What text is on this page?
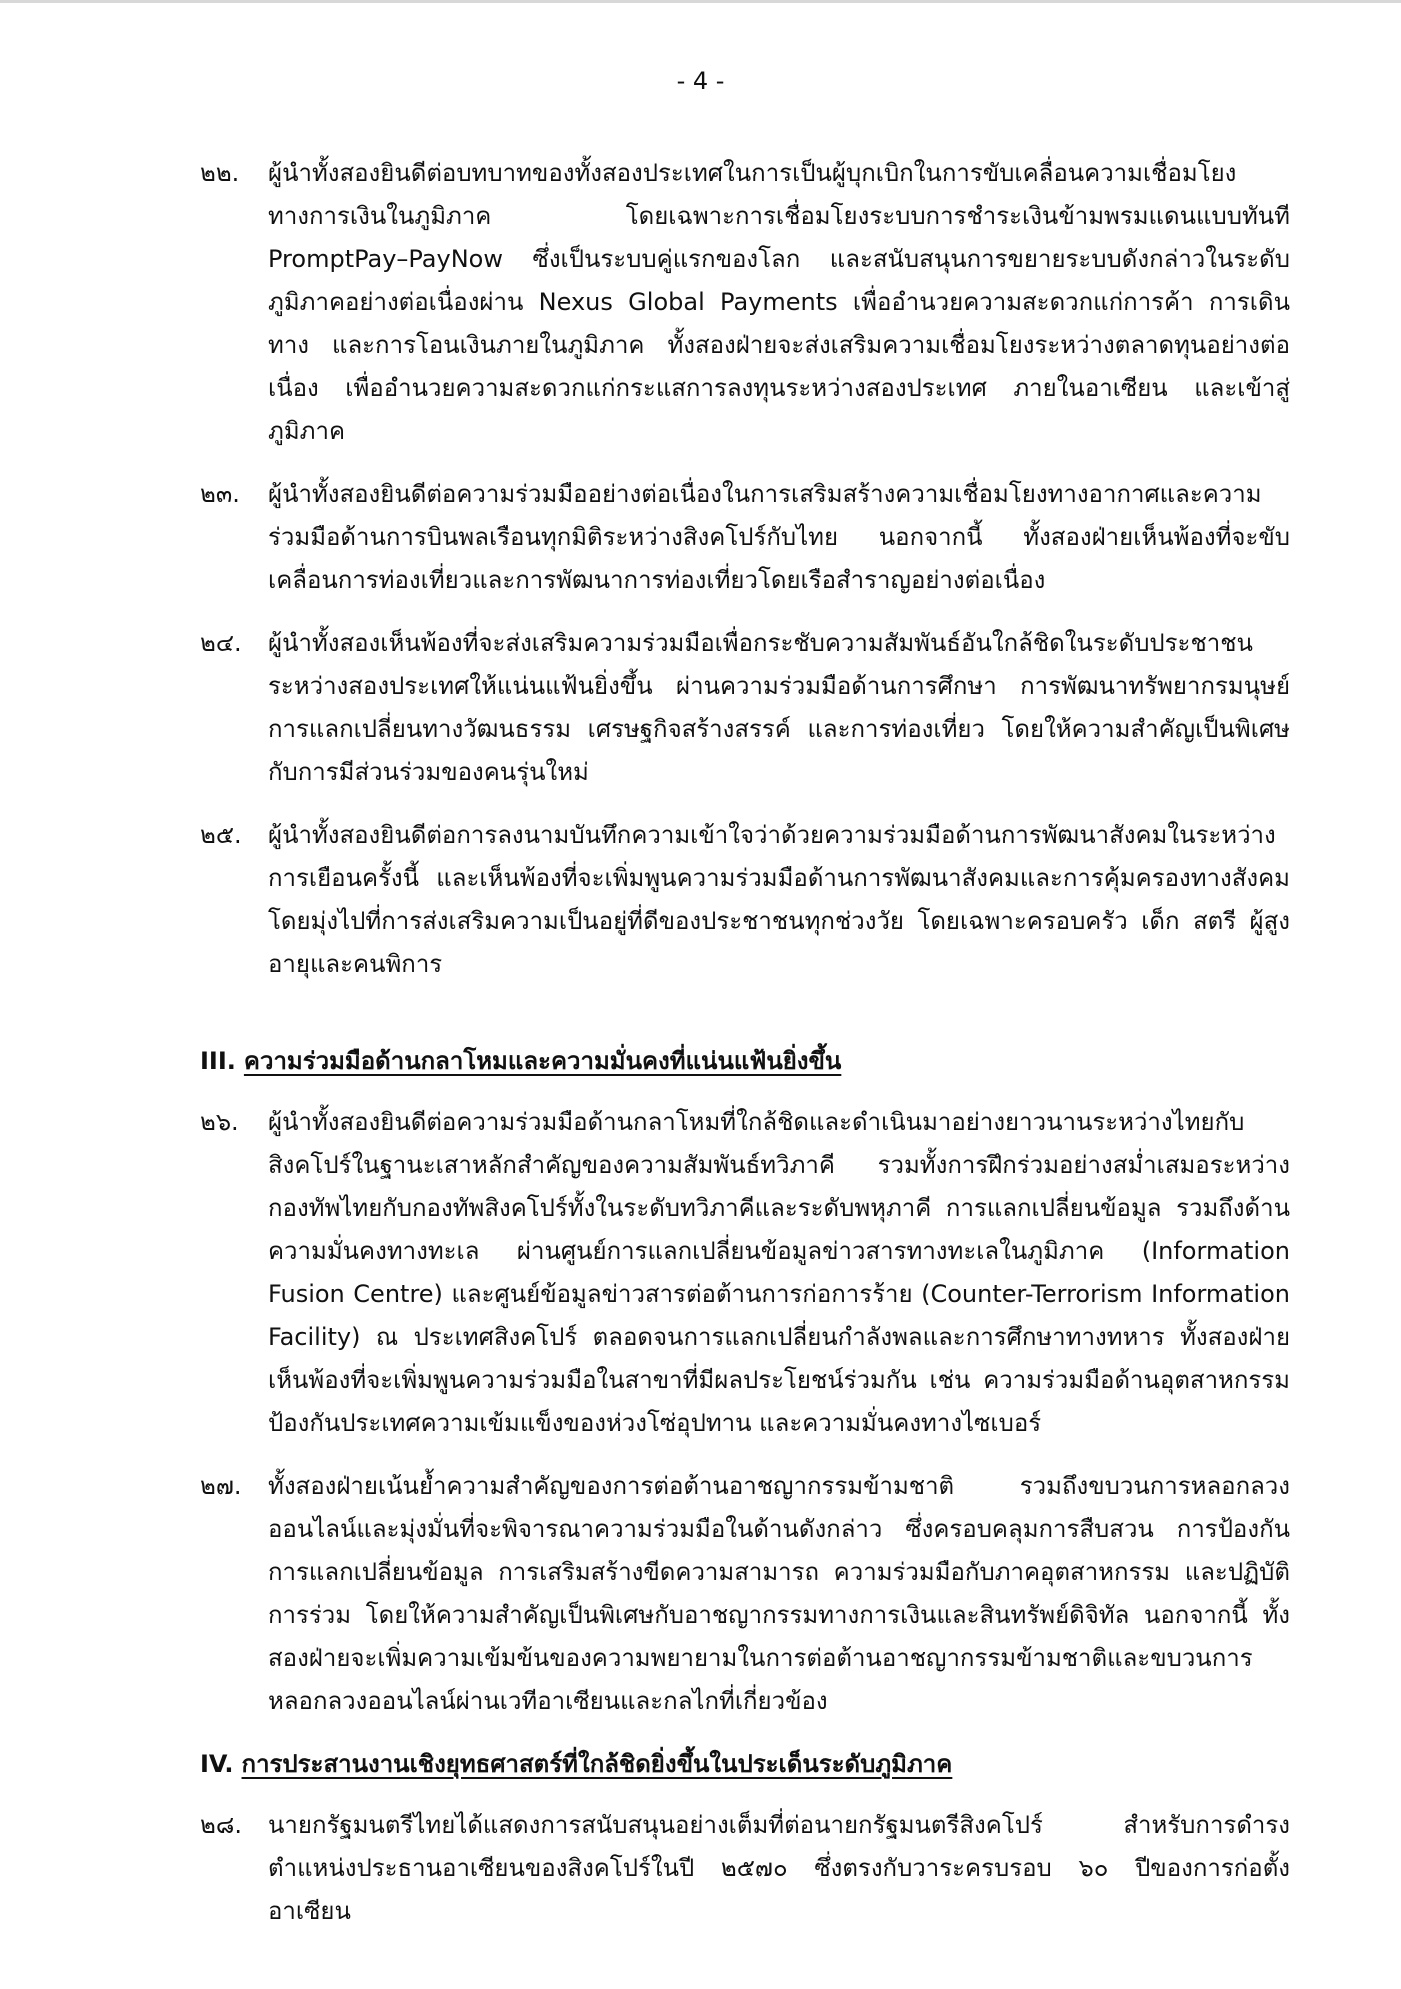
- 4 -
๒๒.	ผู้นำทั้งสองยินดีต่อบทบาทของทั้งสองประเทศในการเป็นผู้บุกเบิกในการขับเคลื่อนความเชื่อมโยงทางการเงินในภูมิภาค โดยเฉพาะการเชื่อมโยงระบบการชำระเงินข้ามพรมแดนแบบทันที PromptPay–PayNow ซึ่งเป็นระบบคู่แรกของโลก และสนับสนุนการขยายระบบดังกล่าวในระดับภูมิภาคอย่างต่อเนื่องผ่าน Nexus Global Payments เพื่ออำนวยความสะดวกแก่การค้า การเดินทาง และการโอนเงินภายในภูมิภาค ทั้งสองฝ่ายจะส่งเสริมความเชื่อมโยงระหว่างตลาดทุนอย่างต่อเนื่อง เพื่ออำนวยความสะดวกแก่กระแสการลงทุนระหว่างสองประเทศ ภายในอาเซียน และเข้าสู่ภูมิภาค
๒๓.	ผู้นำทั้งสองยินดีต่อความร่วมมืออย่างต่อเนื่องในการเสริมสร้างความเชื่อมโยงทางอากาศและความร่วมมือด้านการบินพลเรือนทุกมิติระหว่างสิงคโปร์กับไทย นอกจากนี้ ทั้งสองฝ่ายเห็นพ้องที่จะขับเคลื่อนการท่องเที่ยวและการพัฒนาการท่องเที่ยวโดยเรือสำราญอย่างต่อเนื่อง
๒๔.	ผู้นำทั้งสองเห็นพ้องที่จะส่งเสริมความร่วมมือเพื่อกระชับความสัมพันธ์อันใกล้ชิดในระดับประชาชนระหว่างสองประเทศให้แน่นแฟ้นยิ่งขึ้น ผ่านความร่วมมือด้านการศึกษา การพัฒนาทรัพยากรมนุษย์ การแลกเปลี่ยนทางวัฒนธรรม เศรษฐกิจสร้างสรรค์ และการท่องเที่ยว โดยให้ความสำคัญเป็นพิเศษกับการมีส่วนร่วมของคนรุ่นใหม่
๒๕.	ผู้นำทั้งสองยินดีต่อการลงนามบันทึกความเข้าใจว่าด้วยความร่วมมือด้านการพัฒนาสังคมในระหว่างการเยือนครั้งนี้ และเห็นพ้องที่จะเพิ่มพูนความร่วมมือด้านการพัฒนาสังคมและการคุ้มครองทางสังคมโดยมุ่งไปที่การส่งเสริมความเป็นอยู่ที่ดีของประชาชนทุกช่วงวัย โดยเฉพาะครอบครัว เด็ก สตรี ผู้สูงอายุและคนพิการ
III. ความร่วมมือด้านกลาโหมและความมั่นคงที่แน่นแฟ้นยิ่งขึ้น
๒๖.	ผู้นำทั้งสองยินดีต่อความร่วมมือด้านกลาโหมที่ใกล้ชิดและดำเนินมาอย่างยาวนานระหว่างไทยกับสิงคโปร์ในฐานะเสาหลักสำคัญของความสัมพันธ์ทวิภาคี รวมทั้งการฝึกร่วมอย่างสม่ำเสมอระหว่างกองทัพไทยกับกองทัพสิงคโปร์ทั้งในระดับทวิภาคีและระดับพหุภาคี การแลกเปลี่ยนข้อมูล รวมถึงด้านความมั่นคงทางทะเล ผ่านศูนย์การแลกเปลี่ยนข้อมูลข่าวสารทางทะเลในภูมิภาค (Information Fusion Centre) และศูนย์ข้อมูลข่าวสารต่อต้านการก่อการร้าย (Counter-Terrorism Information Facility) ณ ประเทศสิงคโปร์ ตลอดจนการแลกเปลี่ยนกำลังพลและการศึกษาทางทหาร ทั้งสองฝ่ายเห็นพ้องที่จะเพิ่มพูนความร่วมมือในสาขาที่มีผลประโยชน์ร่วมกัน เช่น ความร่วมมือด้านอุตสาหกรรมป้องกันประเทศความเข้มแข็งของห่วงโซ่อุปทาน และความมั่นคงทางไซเบอร์
๒๗.	ทั้งสองฝ่ายเน้นย้ำความสำคัญของการต่อต้านอาชญากรรมข้ามชาติ รวมถึงขบวนการหลอกลวงออนไลน์และมุ่งมั่นที่จะพิจารณาความร่วมมือในด้านดังกล่าว ซึ่งครอบคลุมการสืบสวน การป้องกันการแลกเปลี่ยนข้อมูล การเสริมสร้างขีดความสามารถ ความร่วมมือกับภาคอุตสาหกรรม และปฏิบัติการร่วม โดยให้ความสำคัญเป็นพิเศษกับอาชญากรรมทางการเงินและสินทรัพย์ดิจิทัล นอกจากนี้ ทั้งสองฝ่ายจะเพิ่มความเข้มข้นของความพยายามในการต่อต้านอาชญากรรมข้ามชาติและขบวนการหลอกลวงออนไลน์ผ่านเวทีอาเซียนและกลไกที่เกี่ยวข้อง
IV. การประสานงานเชิงยุทธศาสตร์ที่ใกล้ชิดยิ่งขึ้นในประเด็นระดับภูมิภาค
๒๘.	นายกรัฐมนตรีไทยได้แสดงการสนับสนุนอย่างเต็มที่ต่อนายกรัฐมนตรีสิงคโปร์ สำหรับการดำรงตำแหน่งประธานอาเซียนของสิงคโปร์ในปี ๒๕๗๐ ซึ่งตรงกับวาระครบรอบ ๖๐ ปีของการก่อตั้งอาเซียน
